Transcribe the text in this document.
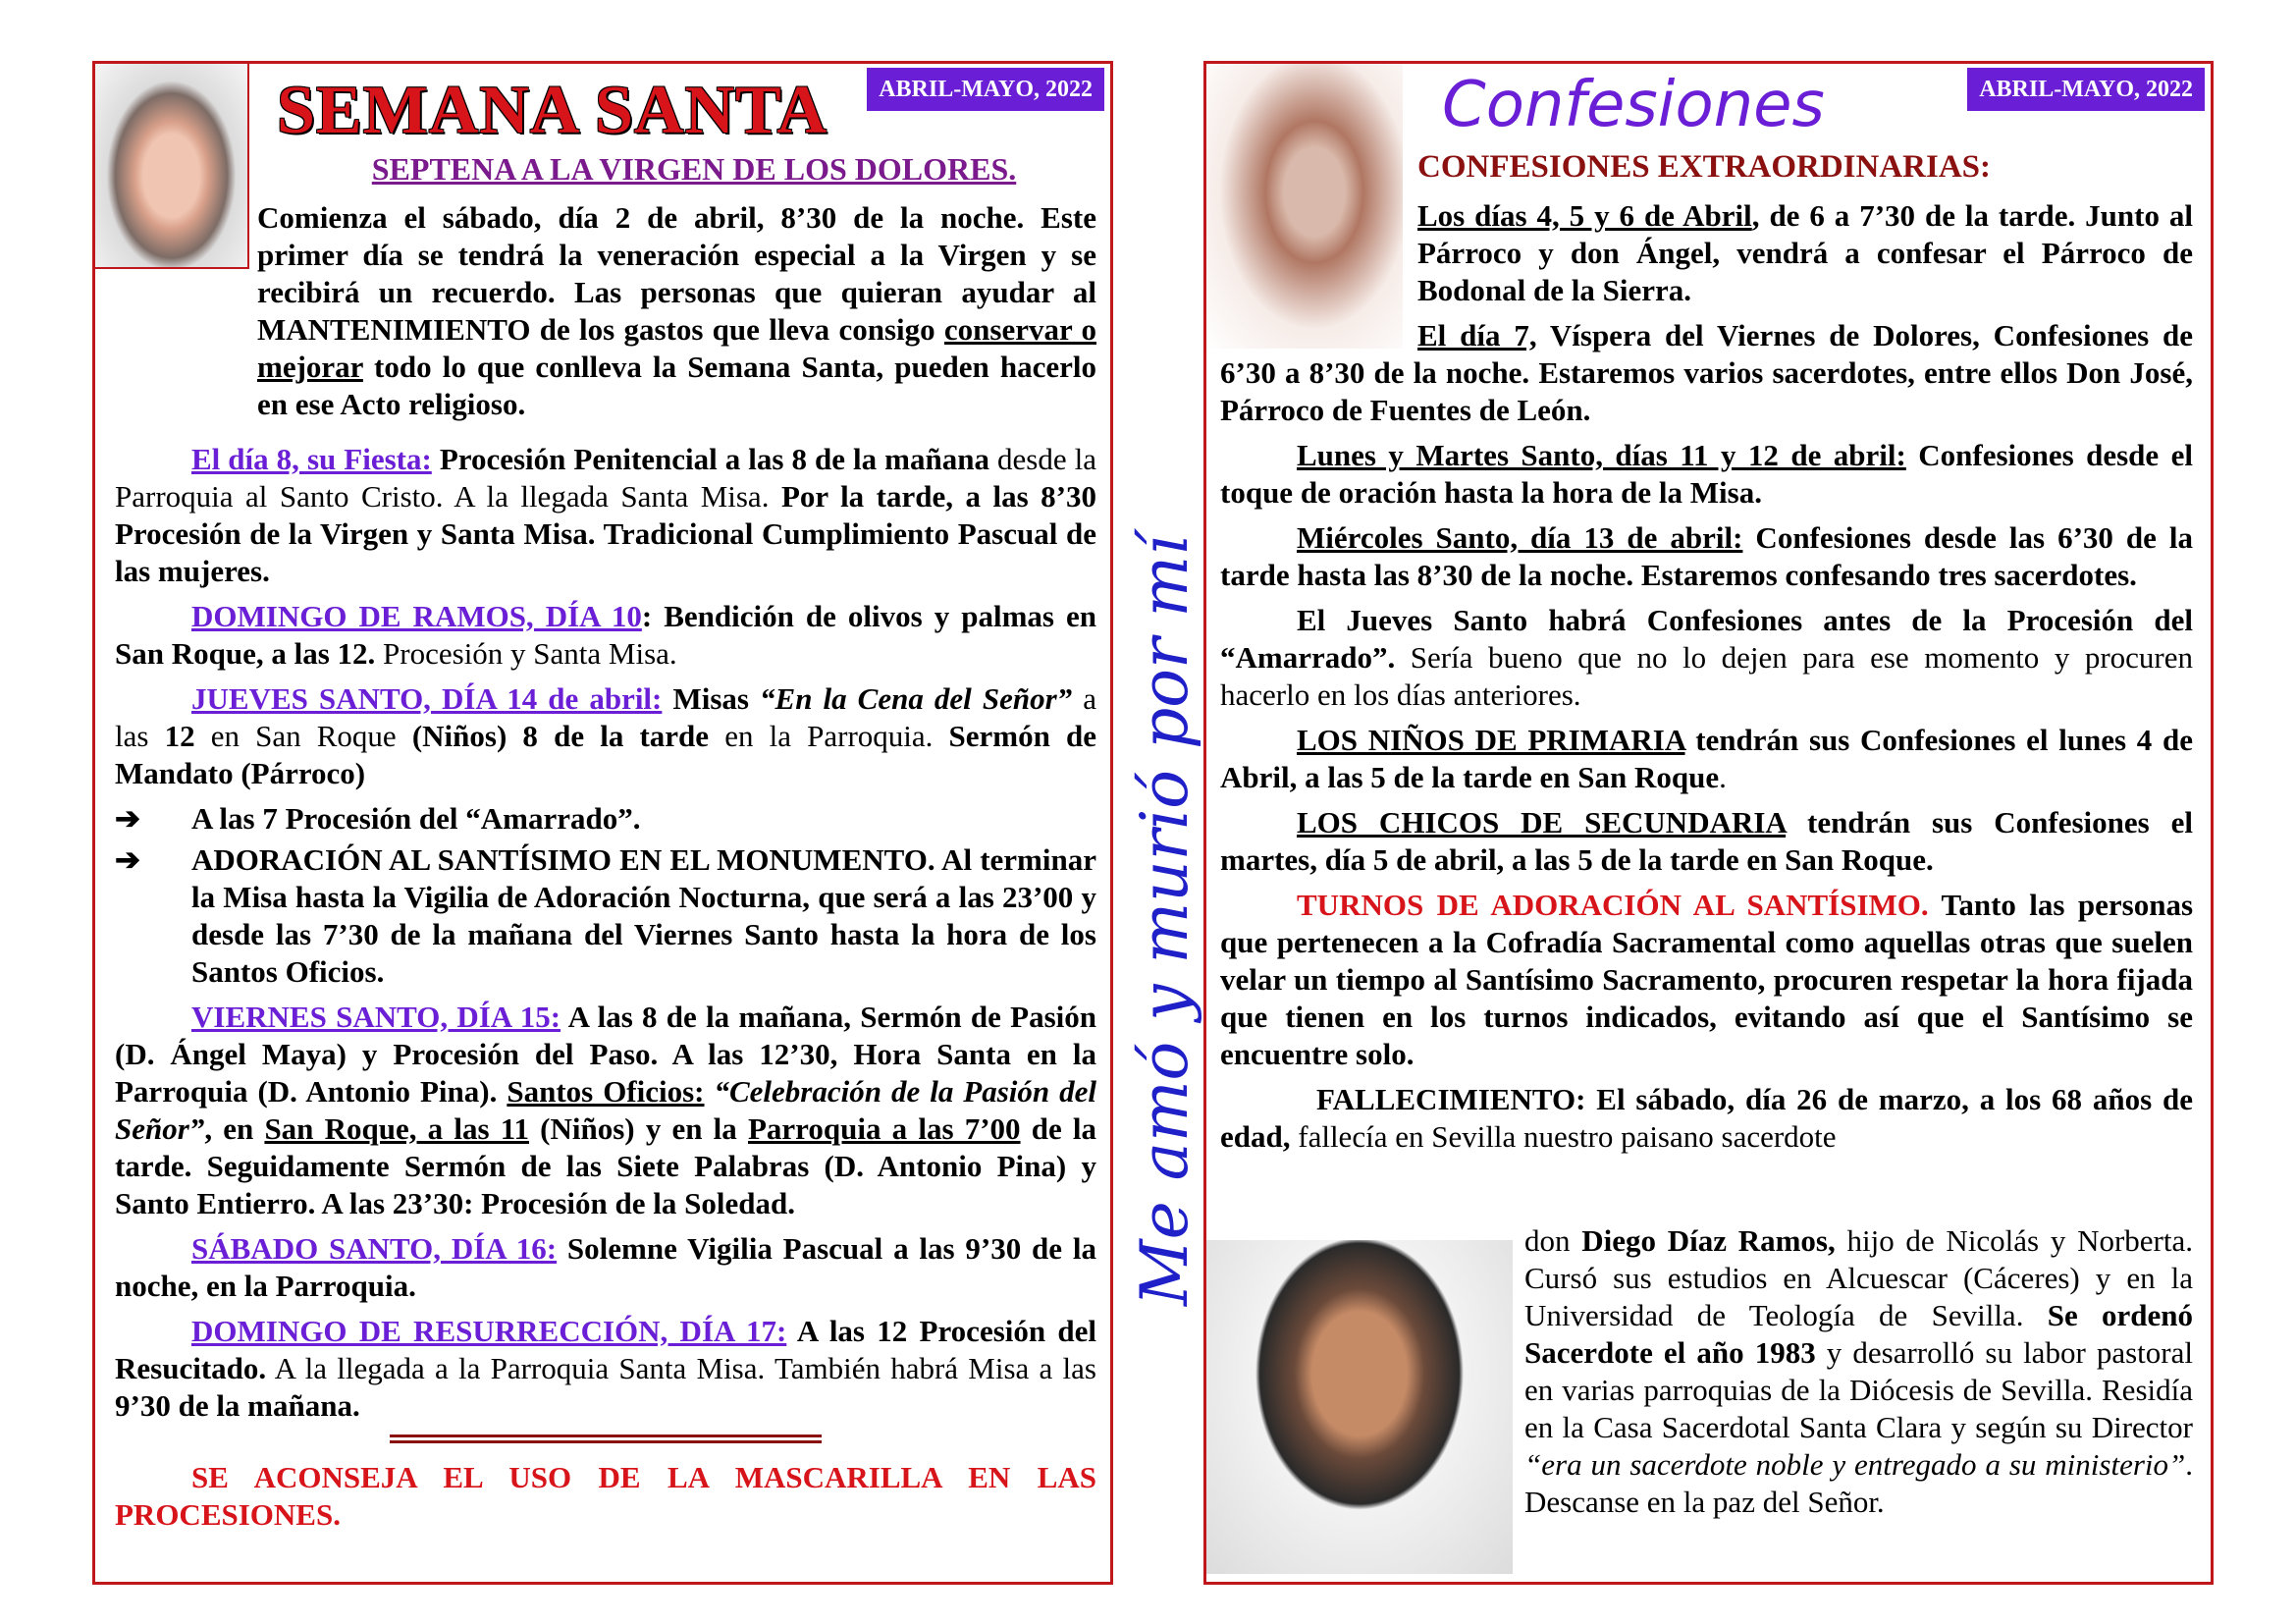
SEMANA SANTA	ABRIL-MAYO, 2022
SEPTENA A LA VIRGEN DE LOS DOLORES.

Comienza el sábado, día 2 de abril, 8’30 de la noche. Este primer día se tendrá la veneración especial a la Virgen y se recibirá un recuerdo. Las personas que quieran ayudar al MANTENIMIENTO de los gastos que lleva consigo conservar o mejorar todo lo que conlleva la Semana Santa, pueden hacerlo en ese Acto religioso.

El día 8, su Fiesta: Procesión Penitencial a las 8 de la mañana desde la Parroquia al Santo Cristo. A la llegada Santa Misa. Por la tarde, a las 8’30 Procesión de la Virgen y Santa Misa. Tradicional Cumplimiento Pascual de las mujeres.

DOMINGO DE RAMOS, DÍA 10: Bendición de olivos y palmas en San Roque, a las 12. Procesión y Santa Misa.

JUEVES SANTO, DÍA 14 de abril: Misas “En la Cena del Señor” a las 12 en San Roque (Niños) 8 de la tarde en la Parroquia. Sermón de Mandato (Párroco)

➔	A las 7 Procesión del “Amarrado”.
➔	ADORACIÓN AL SANTÍSIMO EN EL MONUMENTO. Al terminar la Misa hasta la Vigilia de Adoración Nocturna, que será a las 23’00 y desde las 7’30 de la mañana del Viernes Santo hasta la hora de los Santos Oficios.

VIERNES SANTO, DÍA 15: A las 8 de la mañana, Sermón de Pasión (D. Ángel Maya) y Procesión del Paso. A las 12’30, Hora Santa en la Parroquia (D. Antonio Pina). Santos Oficios: “Celebración de la Pasión del Señor”, en San Roque, a las 11 (Niños) y en la Parroquia a las 7’00 de la tarde. Seguidamente Sermón de las Siete Palabras (D. Antonio Pina) y Santo Entierro. A las 23’30: Procesión de la Soledad.

SÁBADO SANTO, DÍA 16: Solemne Vigilia Pascual a las 9’30 de la noche, en la Parroquia.

DOMINGO DE RESURRECCIÓN, DÍA 17: A las 12 Procesión del Resucitado. A la llegada a la Parroquia Santa Misa. También habrá Misa a las 9’30 de la mañana.

SE ACONSEJA EL USO DE LA MASCARILLA EN LAS PROCESIONES.

Me amó y murió por mí
Confesiones	ABRIL-MAYO, 2022
CONFESIONES EXTRAORDINARIAS:

Los días 4, 5 y 6 de Abril, de 6 a 7’30 de la tarde. Junto al Párroco y don Ángel, vendrá a confesar el Párroco de Bodonal de la Sierra.

El día 7, Víspera del Viernes de Dolores, Confesiones de 6’30 a 8’30 de la noche. Estaremos varios sacerdotes, entre ellos Don José, Párroco de Fuentes de León.

Lunes y Martes Santo, días 11 y 12 de abril: Confesiones desde el toque de oración hasta la hora de la Misa.

Miércoles Santo, día 13 de abril: Confesiones desde las 6’30 de la tarde hasta las 8’30 de la noche. Estaremos confesando tres sacerdotes.

El Jueves Santo habrá Confesiones antes de la Procesión del “Amarrado”. Sería bueno que no lo dejen para ese momento y procuren hacerlo en los días anteriores.

LOS NIÑOS DE PRIMARIA tendrán sus Confesiones el lunes 4 de Abril, a las 5 de la tarde en San Roque.

LOS CHICOS DE SECUNDARIA tendrán sus Confesiones el martes, día 5 de abril, a las 5 de la tarde en San Roque.

TURNOS DE ADORACIÓN AL SANTÍSIMO. Tanto las personas que pertenecen a la Cofradía Sacramental como aquellas otras que suelen velar un tiempo al Santísimo Sacramento, procuren respetar la hora fijada que tienen en los turnos indicados, evitando así que el Santísimo se encuentre solo.

FALLECIMIENTO: El sábado, día 26 de marzo, a los 68 años de edad, fallecía en Sevilla nuestro paisano sacerdote

don Diego Díaz Ramos, hijo de Nicolás y Norberta. Cursó sus estudios en Alcuescar (Cáceres) y en la Universidad de Teología de Sevilla. Se ordenó Sacerdote el año 1983 y desarrolló su labor pastoral en varias parroquias de la Diócesis de Sevilla. Residía en la Casa Sacerdotal Santa Clara y según su Director “era un sacerdote noble y entregado a su ministerio”. Descanse en la paz del Señor.
